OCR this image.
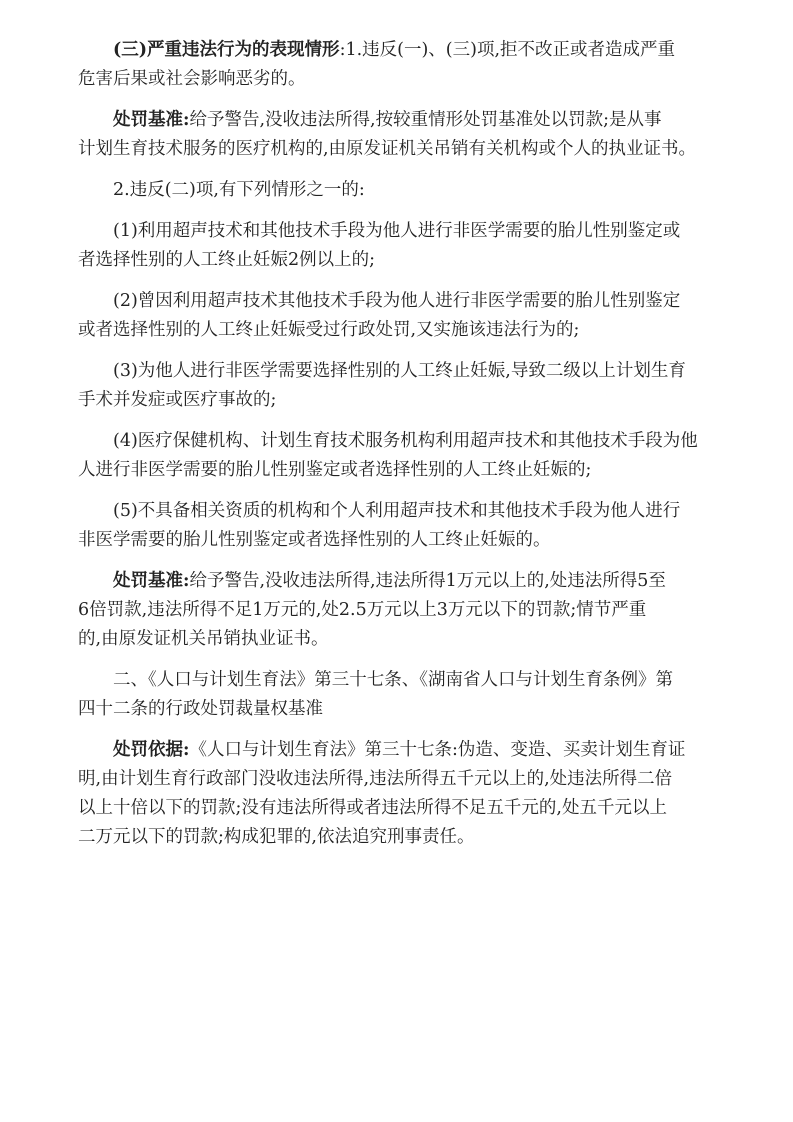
(三)严重违法行为的表现情形:1.违反(一)、(三)项,拒不改正或者造成严重

危害后果或社会影响恶劣的。

处罚基准:给予警告,没收违法所得,按较重情形处罚基准处以罚款;是从事

计划生育技术服务的医疗机构的,由原发证机关吊销有关机构或个人的执业证书。

2.违反(二)项,有下列情形之一的:

(1)利用超声技术和其他技术手段为他人进行非医学需要的胎儿性别鉴定或

者选择性别的人工终止妊娠2例以上的;

(2)曾因利用超声技术其他技术手段为他人进行非医学需要的胎儿性别鉴定

或者选择性别的人工终止妊娠受过行政处罚,又实施该违法行为的;

(3)为他人进行非医学需要选择性别的人工终止妊娠,导致二级以上计划生育

手术并发症或医疗事故的;

(4)医疗保健机构、计划生育技术服务机构利用超声技术和其他技术手段为他

人进行非医学需要的胎儿性别鉴定或者选择性别的人工终止妊娠的;

(5)不具备相关资质的机构和个人利用超声技术和其他技术手段为他人进行

非医学需要的胎儿性别鉴定或者选择性别的人工终止妊娠的。

处罚基准:给予警告,没收违法所得,违法所得1万元以上的,处违法所得5至

6倍罚款,违法所得不足1万元的,处2.5万元以上3万元以下的罚款;情节严重

的,由原发证机关吊销执业证书。

二、《人口与计划生育法》第三十七条、《湖南省人口与计划生育条例》第

四十二条的行政处罚裁量权基准

处罚依据:《人口与计划生育法》第三十七条:伪造、变造、买卖计划生育证

明,由计划生育行政部门没收违法所得,违法所得五千元以上的,处违法所得二倍

以上十倍以下的罚款;没有违法所得或者违法所得不足五千元的,处五千元以上

二万元以下的罚款;构成犯罪的,依法追究刑事责任。
